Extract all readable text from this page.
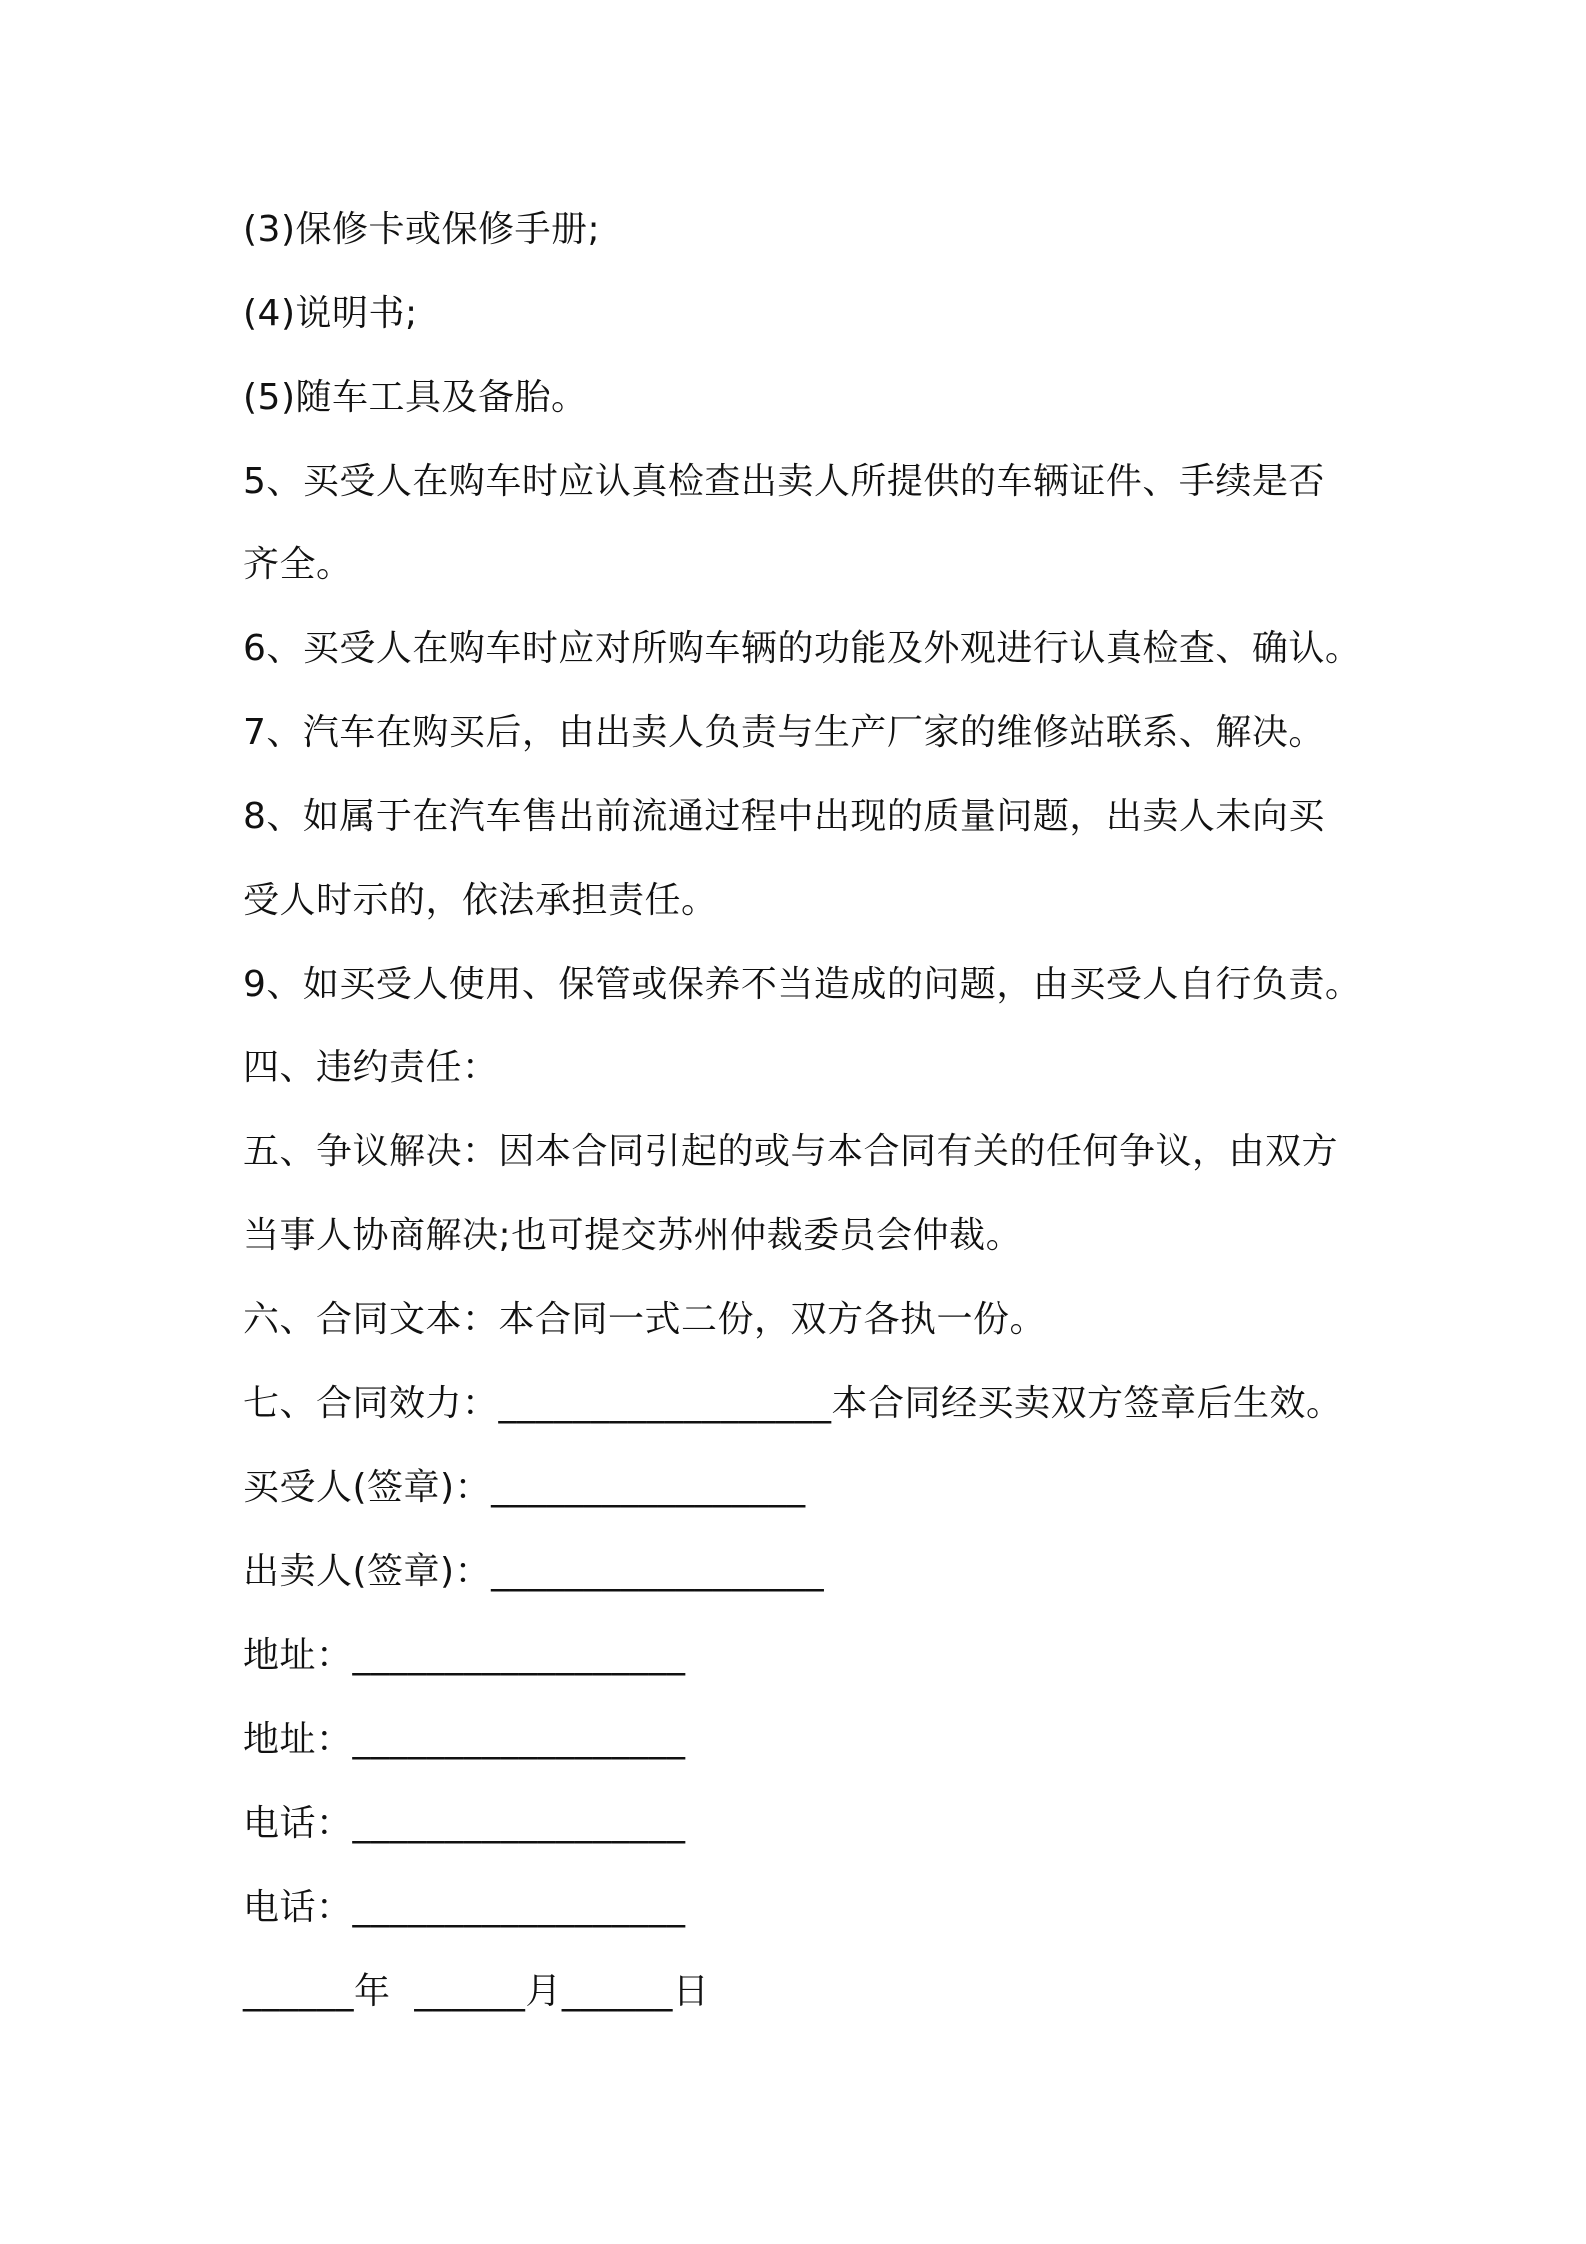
(3)保修卡或保修手册;
(4)说明书;
(5)随车工具及备胎。
5、买受人在购车时应认真检查出卖人所提供的车辆证件、手续是否
齐全。
6、买受人在购车时应对所购车辆的功能及外观进行认真检查、确认。
7、汽车在购买后，由出卖人负责与生产厂家的维修站联系、解决。
8、如属于在汽车售出前流通过程中出现的质量问题，出卖人未向买
受人时示的，依法承担责任。
9、如买受人使用、保管或保养不当造成的问题，由买受人自行负责。
四、违约责任：
五、争议解决：因本合同引起的或与本合同有关的任何争议，由双方
当事人协商解决;也可提交苏州仲裁委员会仲裁。
六、合同文本：本合同一式二份，双方各执一份。
七、合同效力：__________________本合同经买卖双方签章后生效。
买受人(签章)：_________________
出卖人(签章)：__________________
地址：__________________
地址：__________________
电话：__________________
电话：__________________
______年  ______月______日
